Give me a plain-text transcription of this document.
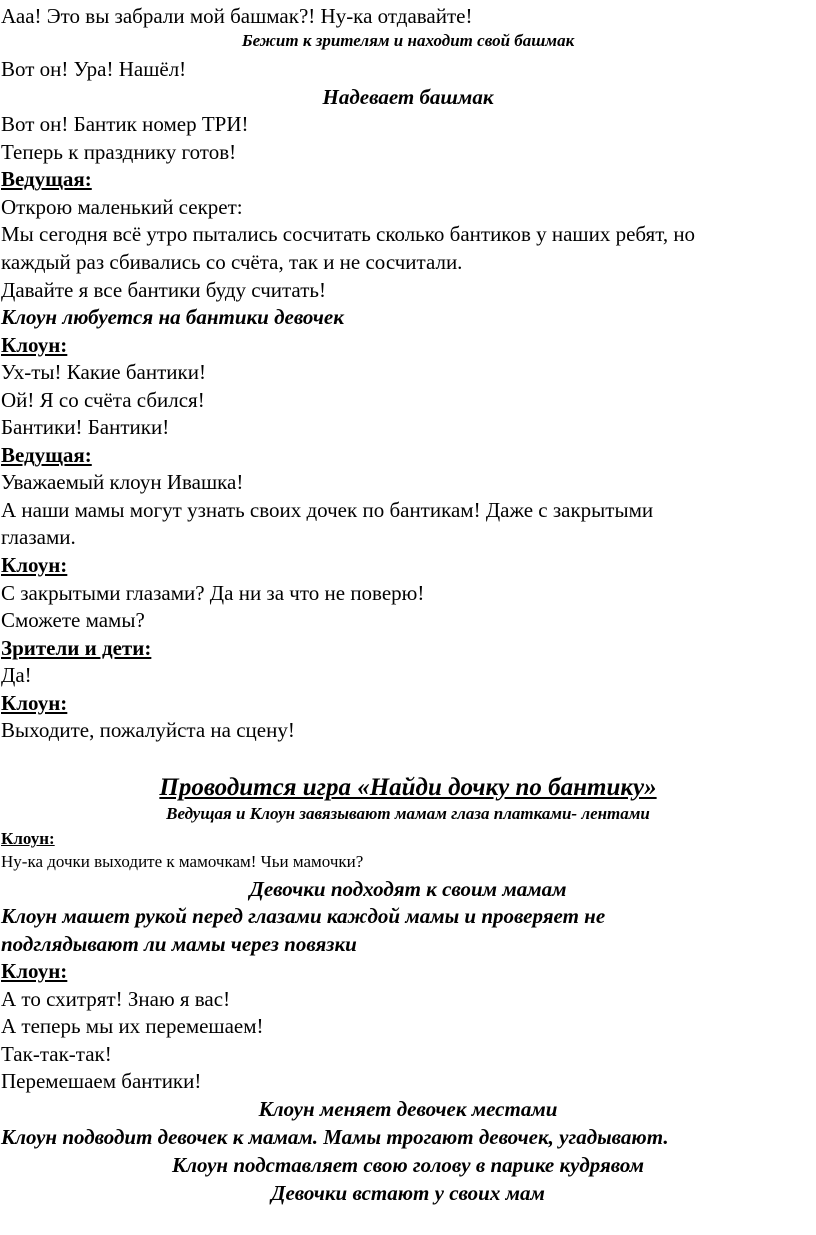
Ааа! Это вы забрали мой башмак?! Ну-ка отдавайте!
Бежит к зрителям и находит свой башмак
Вот он! Ура! Нашёл!
Надевает башмак
Вот он! Бантик номер ТРИ!
Теперь к празднику готов!
Ведущая:
Открою маленький секрет:
Мы сегодня всё утро пытались сосчитать сколько бантиков у наших ребят, но
каждый раз сбивались со счёта, так и не сосчитали.
Давайте я все бантики буду считать!
Клоун любуется на бантики девочек
Клоун:
Ух-ты! Какие бантики!
Ой! Я со счёта сбился!
Бантики! Бантики!
Ведущая:
Уважаемый клоун Ивашка!
А наши мамы могут узнать своих дочек по бантикам! Даже с закрытыми
глазами.
Клоун:
С закрытыми глазами? Да ни за что не поверю!
Сможете мамы?
Зрители и дети:
Да!
Клоун:
Выходите, пожалуйста на сцену!
Проводится игра «Найди дочку по бантику»
Ведущая и Клоун завязывают мамам глаза платками- лентами
Клоун:
Ну-ка дочки выходите к мамочкам! Чьи мамочки?
Девочки подходят к своим мамам
Клоун машет рукой перед глазами каждой мамы и проверяет не
подглядывают ли мамы через повязки
Клоун:
А то схитрят! Знаю я вас!
А теперь мы их перемешаем!
Так-так-так!
Перемешаем бантики!
Клоун меняет девочек местами
Клоун подводит девочек к мамам. Мамы трогают девочек, угадывают.
Клоун подставляет свою голову в парике кудрявом
Девочки встают у своих мам
